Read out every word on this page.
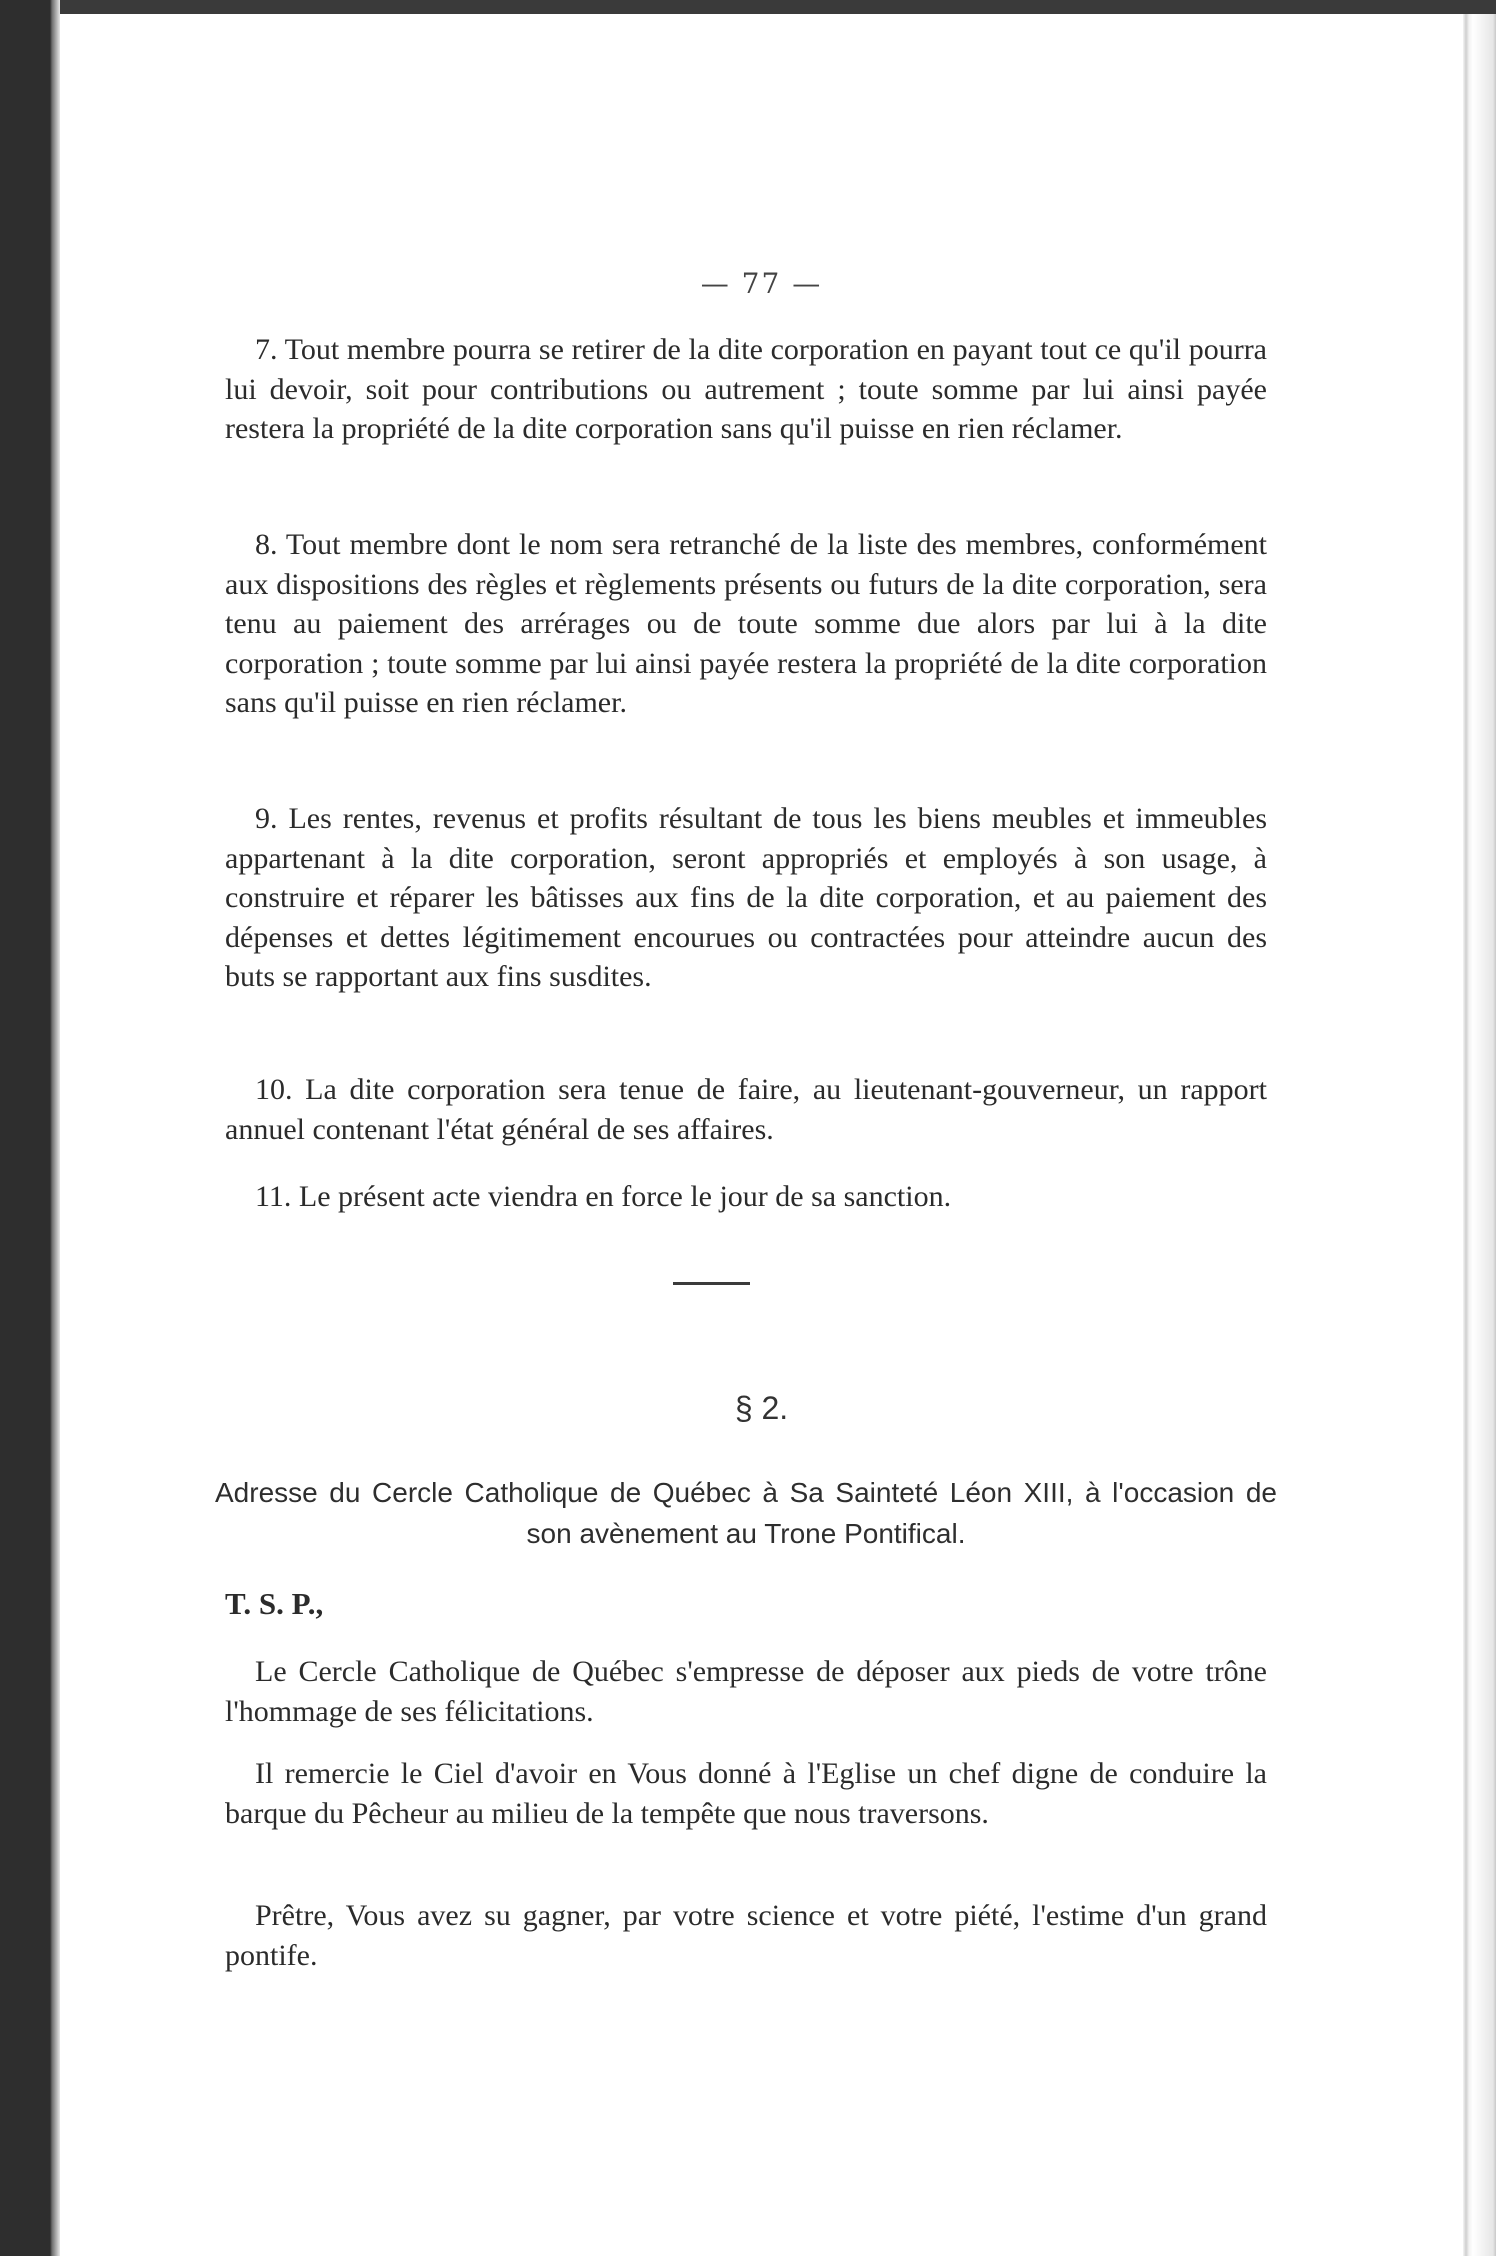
— 77 —

7. Tout membre pourra se retirer de la dite corporation en payant tout ce qu'il pourra lui devoir, soit pour contributions ou autrement ; toute somme par lui ainsi payée restera la propriété de la dite corporation sans qu'il puisse en rien réclamer.

8. Tout membre dont le nom sera retranché de la liste des membres, conformément aux dispositions des règles et règlements présents ou futurs de la dite corporation, sera tenu au paiement des arrérages ou de toute somme due alors par lui à la dite corporation ; toute somme par lui ainsi payée restera la propriété de la dite corporation sans qu'il puisse en rien réclamer.

9. Les rentes, revenus et profits résultant de tous les biens meubles et immeubles appartenant à la dite corporation, seront appropriés et employés à son usage, à construire et réparer les bâtisses aux fins de la dite corporation, et au paiement des dépenses et dettes légitimement encourues ou contractées pour atteindre aucun des buts se rapportant aux fins susdites.

10. La dite corporation sera tenue de faire, au lieutenant-gouverneur, un rapport annuel contenant l'état général de ses affaires.

11. Le présent acte viendra en force le jour de sa sanction.

§ 2.
Adresse du Cercle Catholique de Québec à Sa Sainteté Léon XIII, à l'occasion de son avènement au Trone Pontifical.
T. S. P.,

Le Cercle Catholique de Québec s'empresse de déposer aux pieds de votre trône l'hommage de ses félicitations.

Il remercie le Ciel d'avoir en Vous donné à l'Eglise un chef digne de conduire la barque du Pêcheur au milieu de la tempête que nous traversons.

Prêtre, Vous avez su gagner, par votre science et votre piété, l'estime d'un grand pontife.
